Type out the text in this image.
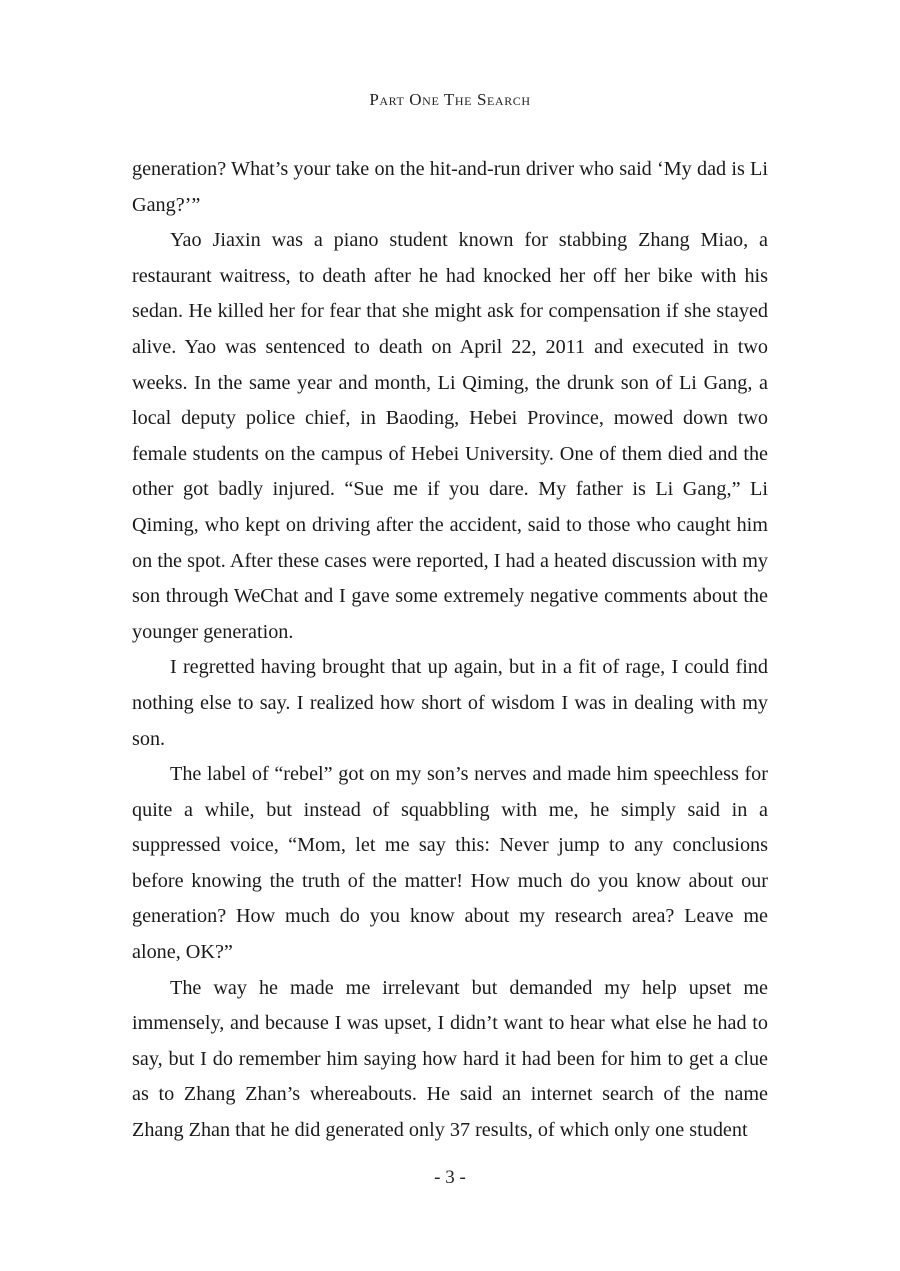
Part One The Search

generation? What’s your take on the hit-and-run driver who said ‘My dad is Li Gang?’”

Yao Jiaxin was a piano student known for stabbing Zhang Miao, a restaurant waitress, to death after he had knocked her off her bike with his sedan. He killed her for fear that she might ask for compensation if she stayed alive. Yao was sentenced to death on April 22, 2011 and executed in two weeks. In the same year and month, Li Qiming, the drunk son of Li Gang, a local deputy police chief, in Baoding, Hebei Province, mowed down two female students on the campus of Hebei University. One of them died and the other got badly injured. “Sue me if you dare. My father is Li Gang,” Li Qiming, who kept on driving after the accident, said to those who caught him on the spot. After these cases were reported, I had a heated discussion with my son through WeChat and I gave some extremely negative comments about the younger generation.

I regretted having brought that up again, but in a fit of rage, I could find nothing else to say. I realized how short of wisdom I was in dealing with my son.

The label of “rebel” got on my son’s nerves and made him speechless for quite a while, but instead of squabbling with me, he simply said in a suppressed voice, “Mom, let me say this: Never jump to any conclusions before knowing the truth of the matter! How much do you know about our generation? How much do you know about my research area? Leave me alone, OK?”

The way he made me irrelevant but demanded my help upset me immensely, and because I was upset, I didn’t want to hear what else he had to say, but I do remember him saying how hard it had been for him to get a clue as to Zhang Zhan’s whereabouts. He said an internet search of the name Zhang Zhan that he did generated only 37 results, of which only one student

- 3 -
